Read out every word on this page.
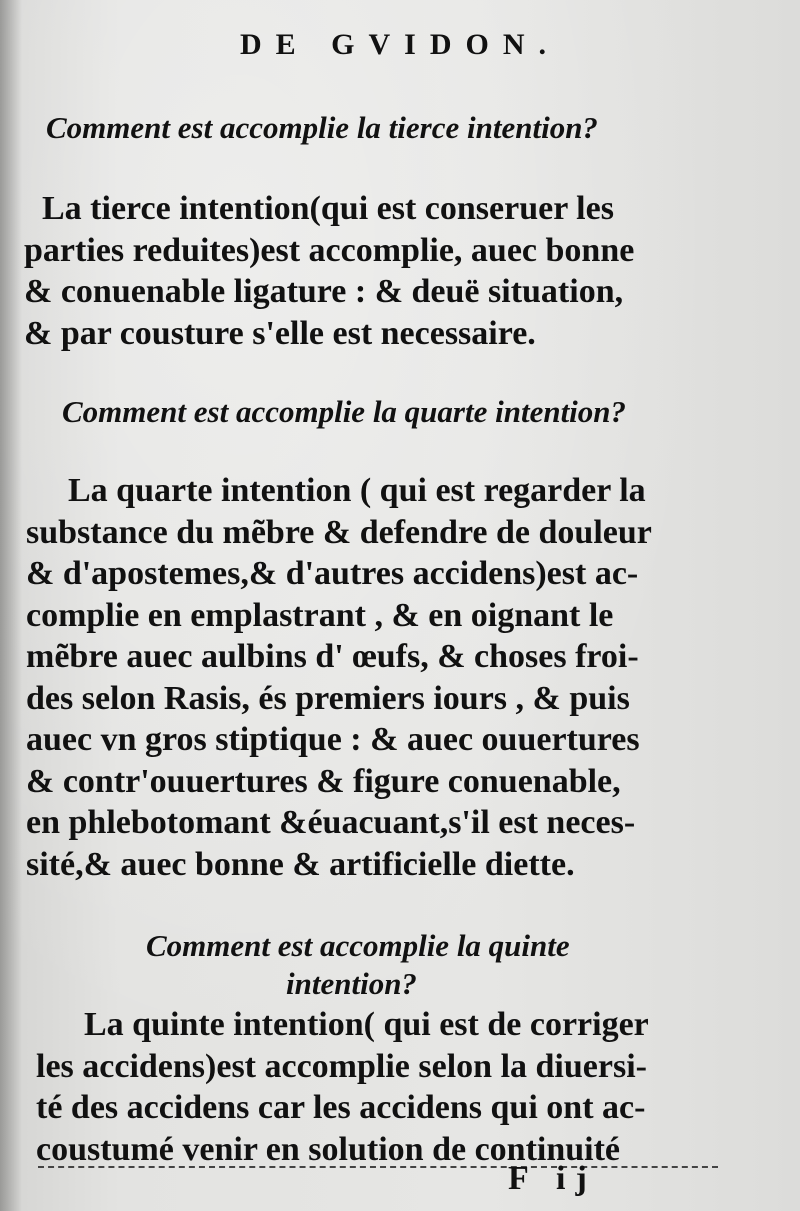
DE GVIDON.
Comment est accomplie la tierce intention?
La tierce intention(qui est conseruer les
parties reduites)est accomplie, auec bonne
& conuenable ligature : & deuë situation,
& par cousture s'elle est necessaire.
Comment est accomplie la quarte intention?
La quarte intention ( qui est regarder la
substance du mẽbre & defendre de douleur
& d'apostemes,& d'autres accidens)est ac-
complie en emplastrant , & en oignant le
mẽbre auec aulbins d' œufs, & choses froi-
des selon Rasis, és premiers iours , & puis
auec vn gros stiptique : & auec ouuertures
& contr'ouuertures & figure conuenable,
en phlebotomant &éuacuant,s'il est neces-
sité,& auec bonne & artificielle diette.
Comment est accomplie la quinte
intention?
La quinte intention( qui est de corriger
les accidens)est accomplie selon la diuersi-
té des accidens car les accidens qui ont ac-
coustumé venir en solution de continuité
F ij
